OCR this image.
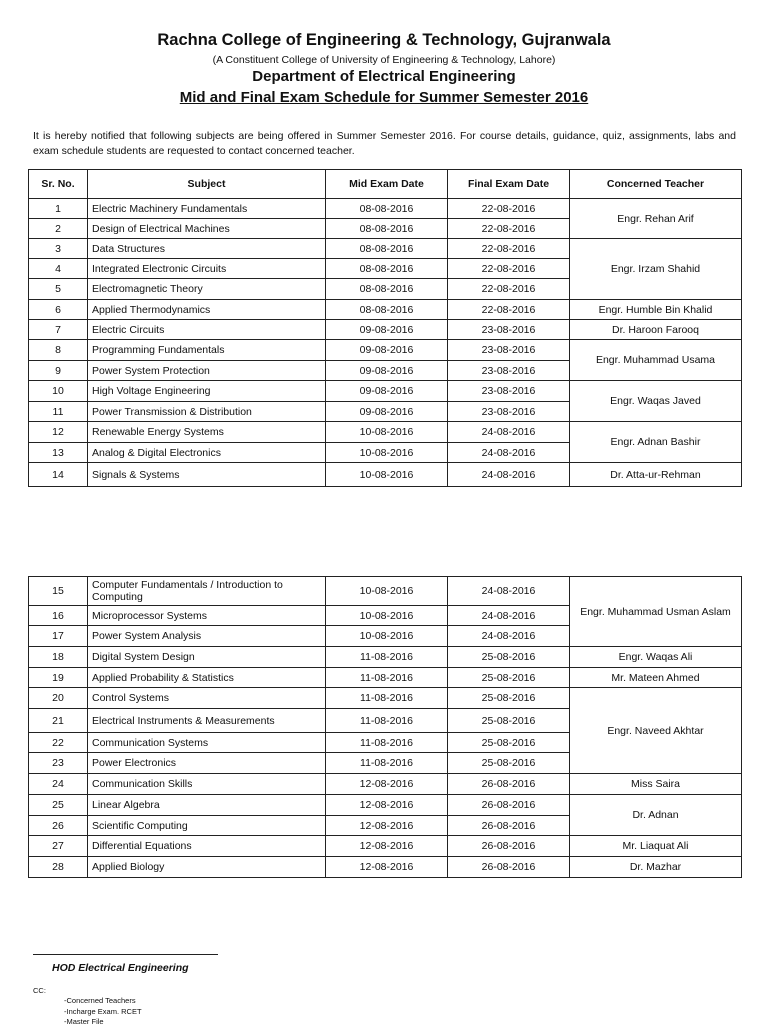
Rachna College of Engineering & Technology, Gujranwala
(A Constituent College of University of Engineering & Technology, Lahore)
Department of Electrical Engineering
Mid and Final Exam Schedule for Summer Semester 2016
It is hereby notified that following subjects are being offered in Summer Semester 2016. For course details, guidance, quiz, assignments, labs and exam schedule students are requested to contact concerned teacher.
Sr. No.	Subject	Mid Exam Date	Final Exam Date	Concerned Teacher
1	Electric Machinery Fundamentals	08-08-2016	22-08-2016	Engr. Rehan Arif
2	Design of Electrical Machines	08-08-2016	22-08-2016	
3	Data Structures	08-08-2016	22-08-2016	Engr. Irzam Shahid
4	Integrated Electronic Circuits	08-08-2016	22-08-2016	
5	Electromagnetic Theory	08-08-2016	22-08-2016	
6	Applied Thermodynamics	08-08-2016	22-08-2016	Engr. Humble Bin Khalid
7	Electric Circuits	09-08-2016	23-08-2016	Dr. Haroon Farooq
8	Programming Fundamentals	09-08-2016	23-08-2016	Engr. Muhammad Usama
9	Power System Protection	09-08-2016	23-08-2016	
10	High Voltage Engineering	09-08-2016	23-08-2016	Engr. Waqas Javed
11	Power Transmission & Distribution	09-08-2016	23-08-2016	
12	Renewable Energy Systems	10-08-2016	24-08-2016	Engr. Adnan Bashir
13	Analog & Digital Electronics	10-08-2016	24-08-2016	
14	Signals & Systems	10-08-2016	24-08-2016	Dr. Atta-ur-Rehman
15	Computer Fundamentals / Introduction to Computing	10-08-2016	24-08-2016	Engr. Muhammad Usman Aslam
16	Microprocessor Systems	10-08-2016	24-08-2016	
17	Power System Analysis	10-08-2016	24-08-2016	
18	Digital System Design	11-08-2016	25-08-2016	Engr. Waqas Ali
19	Applied Probability & Statistics	11-08-2016	25-08-2016	Mr. Mateen Ahmed
20	Control Systems	11-08-2016	25-08-2016	Engr. Naveed Akhtar
21	Electrical Instruments & Measurements	11-08-2016	25-08-2016	
22	Communication Systems	11-08-2016	25-08-2016	
23	Power Electronics	11-08-2016	25-08-2016	
24	Communication Skills	12-08-2016	26-08-2016	Miss Saira
25	Linear Algebra	12-08-2016	26-08-2016	Dr. Adnan
26	Scientific Computing	12-08-2016	26-08-2016	
27	Differential Equations	12-08-2016	26-08-2016	Mr. Liaquat Ali
28	Applied Biology	12-08-2016	26-08-2016	Dr. Mazhar
HOD Electrical Engineering
CC:
-Concerned Teachers
-Incharge Exam. RCET
-Master File
